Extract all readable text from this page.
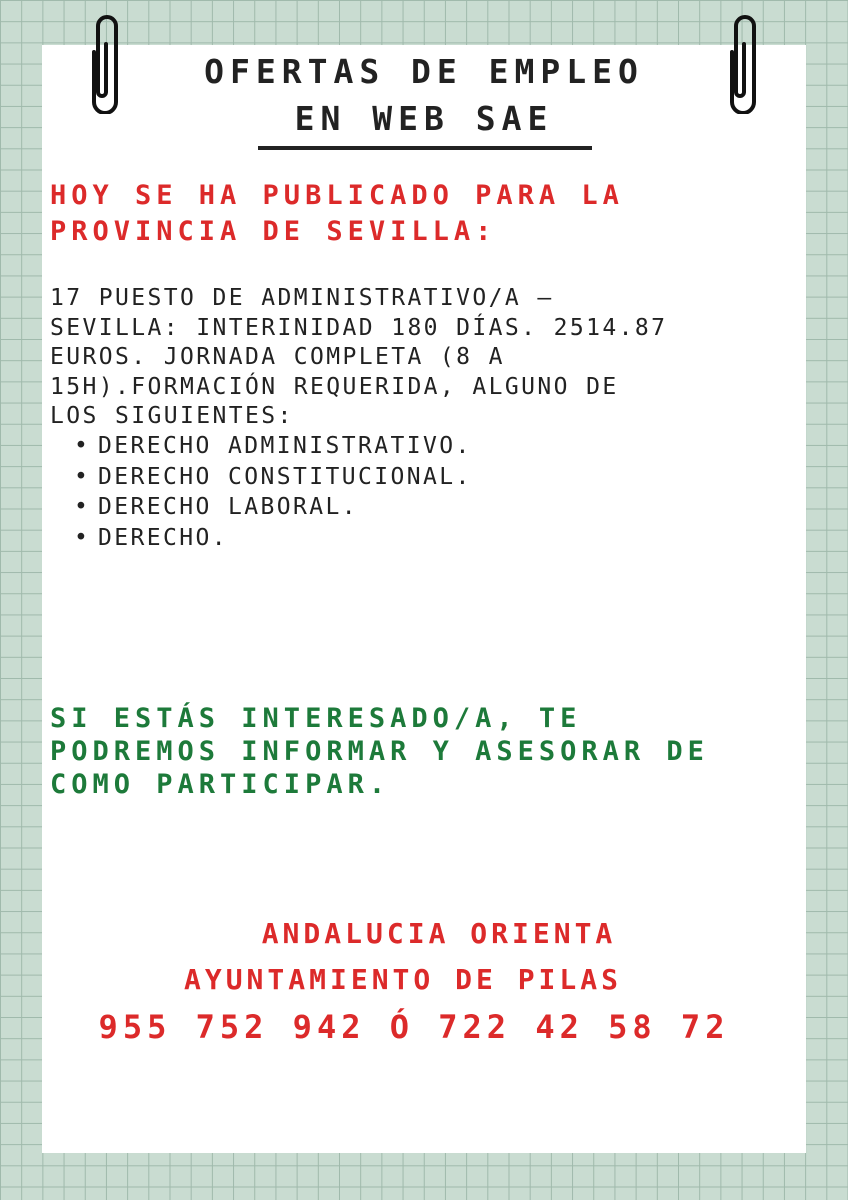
OFERTAS DE EMPLEO
EN WEB SAE

HOY SE HA PUBLICADO PARA LA
PROVINCIA DE SEVILLA:

17 PUESTO DE ADMINISTRATIVO/A –
SEVILLA: INTERINIDAD 180 DÍAS. 2514.87
EUROS. JORNADA COMPLETA (8 A
15H).FORMACIÓN REQUERIDA, ALGUNO DE
LOS SIGUIENTES:

• DERECHO ADMINISTRATIVO.
• DERECHO CONSTITUCIONAL.
• DERECHO LABORAL.
• DERECHO.

SI ESTÁS INTERESADO/A, TE
PODREMOS INFORMAR Y ASESORAR DE
COMO PARTICIPAR.

ANDALUCIA ORIENTA

AYUNTAMIENTO DE PILAS

955 752 942 Ó 722 42 58 72
